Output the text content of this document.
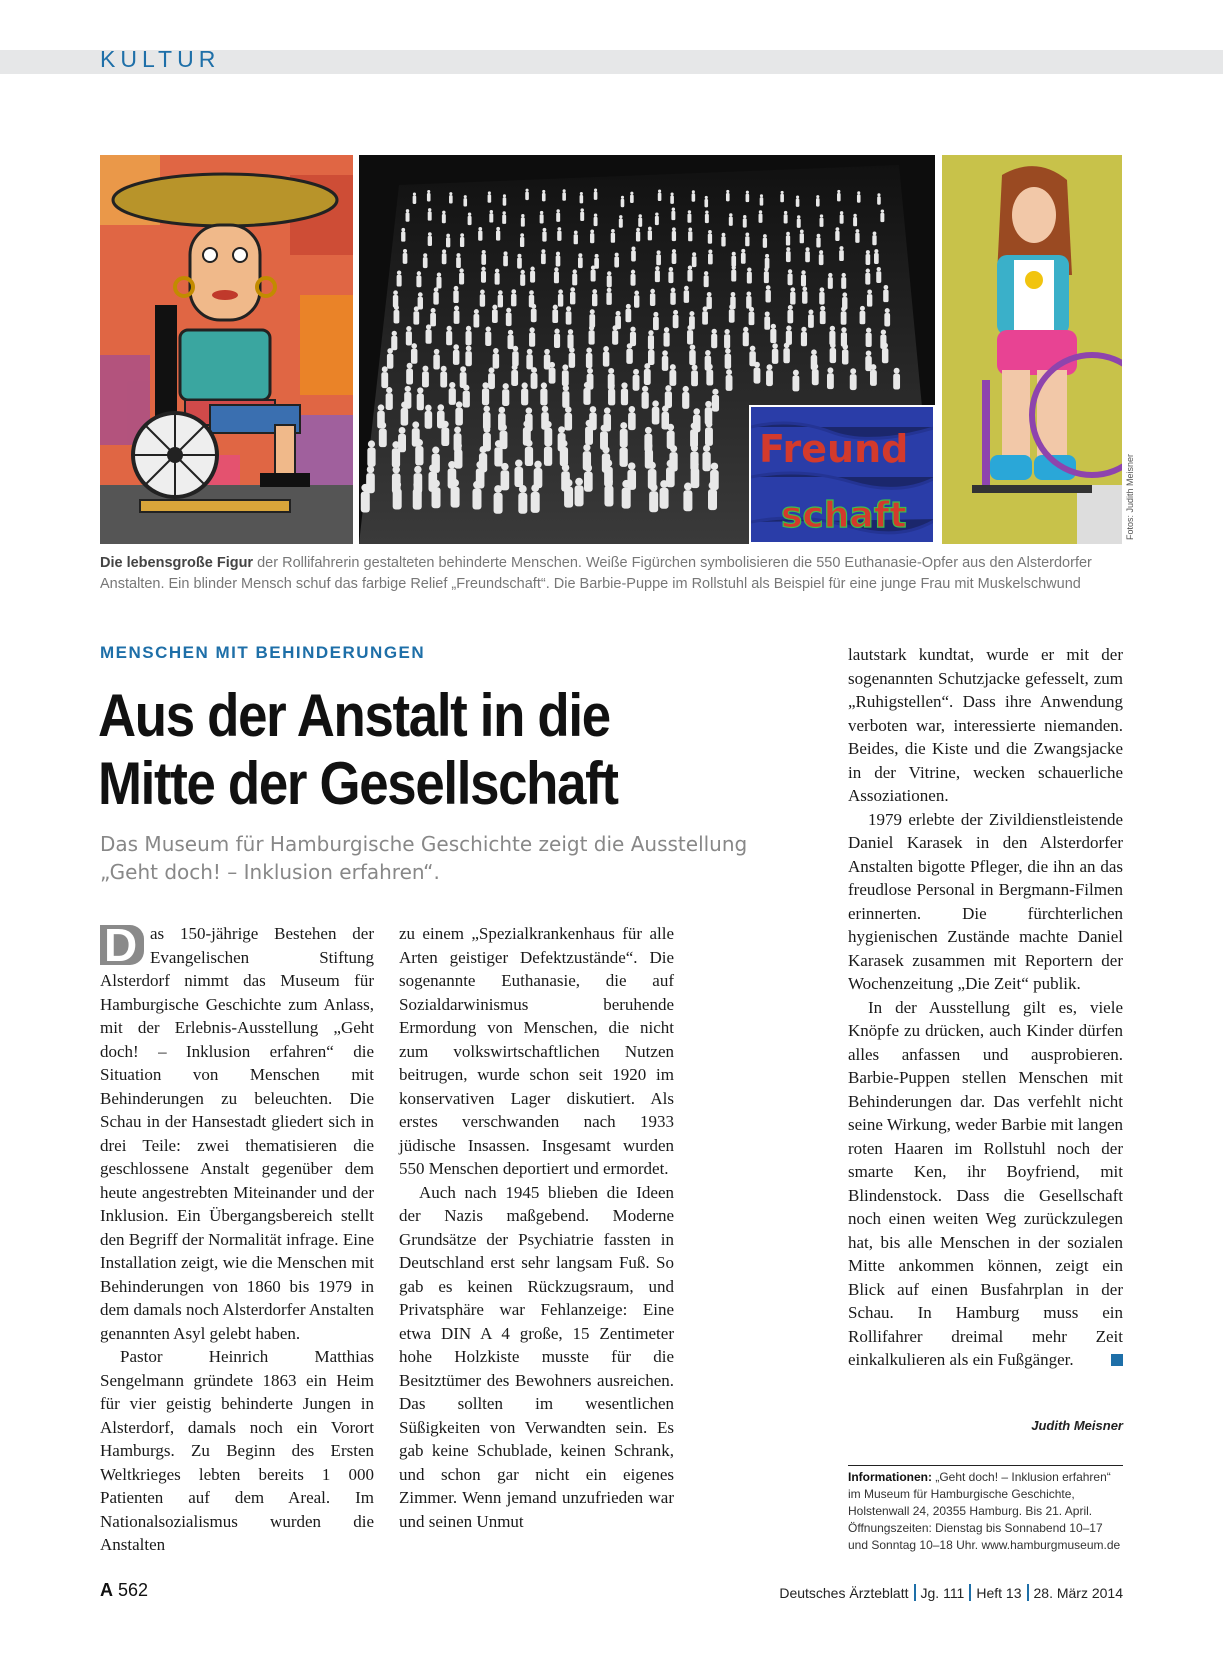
KULTUR
Freund
schaft	Fotos: Judith Meisner
Die lebensgroße Figur der Rollifahrerin gestalteten behinderte Menschen. Weiße Figürchen symbolisieren die 550 Euthanasie-Opfer aus den Alsterdorfer Anstalten. Ein blinder Mensch schuf das farbige Relief „Freundschaft“. Die Barbie-Puppe im Rollstuhl als Beispiel für eine junge Frau mit Muskelschwund
MENSCHEN MIT BEHINDERUNGEN
Aus der Anstalt in die Mitte der Gesellschaft
Das Museum für Hamburgische Geschichte zeigt die Ausstellung „Geht doch! – Inklusion erfahren“.
D as 150-jährige Bestehen der Evangelischen Stiftung Alsterdorf nimmt das Museum für Hamburgische Geschichte zum Anlass, mit der Erlebnis-Ausstellung „Geht doch! – Inklusion erfahren“ die Situation von Menschen mit Behinderungen zu beleuchten. Die Schau in der Hansestadt gliedert sich in drei Teile: zwei thematisieren die geschlossene Anstalt gegenüber dem heute angestrebten Miteinander und der Inklusion. Ein Übergangsbereich stellt den Begriff der Normalität infrage. Eine Installation zeigt, wie die Menschen mit Behinderungen von 1860 bis 1979 in dem damals noch Alsterdorfer Anstalten genannten Asyl gelebt haben.

Pastor Heinrich Matthias Sengelmann gründete 1863 ein Heim für vier geistig behinderte Jungen in Alsterdorf, damals noch ein Vorort Hamburgs. Zu Beginn des Ersten Weltkrieges lebten bereits 1 000 Patienten auf dem Areal. Im Nationalsozialismus wurden die Anstalten

zu einem „Spezialkrankenhaus für alle Arten geistiger Defektzustände“. Die sogenannte Euthanasie, die auf Sozialdarwinismus beruhende Ermordung von Menschen, die nicht zum volkswirtschaftlichen Nutzen beitrugen, wurde schon seit 1920 im konservativen Lager diskutiert. Als erstes verschwanden nach 1933 jüdische Insassen. Insgesamt wurden 550 Menschen deportiert und ermordet.

Auch nach 1945 blieben die Ideen der Nazis maßgebend. Moderne Grundsätze der Psychiatrie fassten in Deutschland erst sehr langsam Fuß. So gab es keinen Rückzugsraum, und Privatsphäre war Fehlanzeige: Eine etwa DIN A 4 große, 15 Zentimeter hohe Holzkiste musste für die Besitztümer des Bewohners ausreichen. Das sollten im wesentlichen Süßigkeiten von Verwandten sein. Es gab keine Schublade, keinen Schrank, und schon gar nicht ein eigenes Zimmer. Wenn jemand unzufrieden war und seinen Unmut

lautstark kundtat, wurde er mit der sogenannten Schutzjacke gefesselt, zum „Ruhigstellen“. Dass ihre Anwendung verboten war, interessierte niemanden. Beides, die Kiste und die Zwangsjacke in der Vitrine, wecken schauerliche Assoziationen.

1979 erlebte der Zivildienstleistende Daniel Karasek in den Alsterdorfer Anstalten bigotte Pfleger, die ihn an das freudlose Personal in Bergmann-Filmen erinnerten. Die fürchterlichen hygienischen Zustände machte Daniel Karasek zusammen mit Reportern der Wochenzeitung „Die Zeit“ publik.

In der Ausstellung gilt es, viele Knöpfe zu drücken, auch Kinder dürfen alles anfassen und ausprobieren. Barbie-Puppen stellen Menschen mit Behinderungen dar. Das verfehlt nicht seine Wirkung, weder Barbie mit langen roten Haaren im Rollstuhl noch der smarte Ken, ihr Boyfriend, mit Blindenstock. Dass die Gesellschaft noch einen weiten Weg zurückzulegen hat, bis alle Menschen in der sozialen Mitte ankommen können, zeigt ein Blick auf einen Busfahrplan in der Schau. In Hamburg muss ein Rollifahrer dreimal mehr Zeit einkalkulieren als ein Fußgänger.

Judith Meisner
Informationen: „Geht doch! – Inklusion erfahren“ im Museum für Hamburgische Geschichte, Holstenwall 24, 20355 Hamburg. Bis 21. April. Öffnungszeiten: Dienstag bis Sonnabend 10–17 und Sonntag 10–18 Uhr. www.hamburgmuseum.de
A 562	Deutsches Ärzteblatt Jg. 111 Heft 13 28. März 2014
